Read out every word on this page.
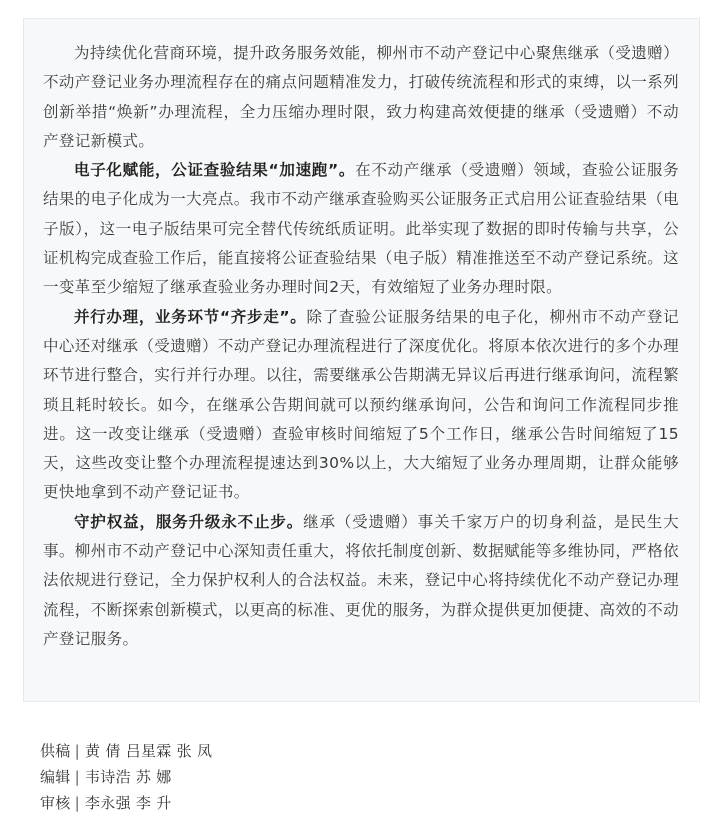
为持续优化营商环境，提升政务服务效能，柳州市不动产登记中心聚焦继承（受遗赠）不动产登记业务办理流程存在的痛点问题精准发力，打破传统流程和形式的束缚，以一系列创新举措“焕新”办理流程，全力压缩办理时限，致力构建高效便捷的继承（受遗赠）不动产登记新模式。

电子化赋能，公证查验结果“加速跑”。在不动产继承（受遗赠）领域，查验公证服务结果的电子化成为一大亮点。我市不动产继承查验购买公证服务正式启用公证查验结果（电子版），这一电子版结果可完全替代传统纸质证明。此举实现了数据的即时传输与共享，公证机构完成查验工作后，能直接将公证查验结果（电子版）精准推送至不动产登记系统。这一变革至少缩短了继承查验业务办理时间2天，有效缩短了业务办理时限。

并行办理，业务环节“齐步走”。除了查验公证服务结果的电子化，柳州市不动产登记中心还对继承（受遗赠）不动产登记办理流程进行了深度优化。将原本依次进行的多个办理环节进行整合，实行并行办理。以往，需要继承公告期满无异议后再进行继承询问，流程繁琐且耗时较长。如今，在继承公告期间就可以预约继承询问，公告和询问工作流程同步推进。这一改变让继承（受遗赠）查验审核时间缩短了5个工作日，继承公告时间缩短了15天，这些改变让整个办理流程提速达到30%以上，大大缩短了业务办理周期，让群众能够更快地拿到不动产登记证书。

守护权益，服务升级永不止步。继承（受遗赠）事关千家万户的切身利益，是民生大事。柳州市不动产登记中心深知责任重大，将依托制度创新、数据赋能等多维协同，严格依法依规进行登记，全力保护权利人的合法权益。未来，登记中心将持续优化不动产登记办理流程，不断探索创新模式，以更高的标准、更优的服务，为群众提供更加便捷、高效的不动产登记服务。

供稿 | 黄 倩 吕星霖 张 凤
编辑 | 韦诗浩 苏 娜
审核 | 李永强 李 升
